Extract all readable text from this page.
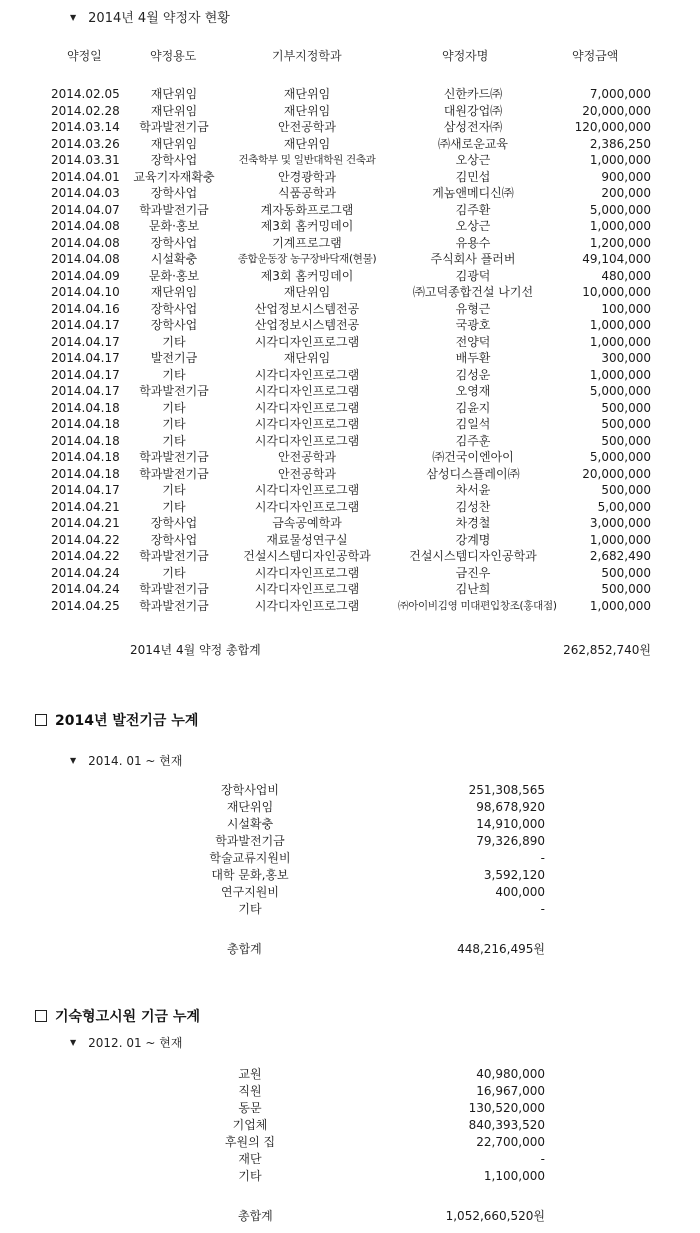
▼ 2014년 4월 약정자 현황
약정일	약정용도	기부지정학과	약정자명	약정금액
2014.02.05	재단위임	재단위임	신한카드㈜	7,000,000
2014.02.28	재단위임	재단위임	대원강업㈜	20,000,000
2014.03.14	학과발전기금	안전공학과	삼성전자㈜	120,000,000
2014.03.26	재단위임	재단위임	㈜새로운교육	2,386,250
2014.03.31	장학사업	건축학부 및 일반대학원 건축과	오상근	1,000,000
2014.04.01	교육기자재확충	안경광학과	김민섭	900,000
2014.04.03	장학사업	식품공학과	게놈앤메디신㈜	200,000
2014.04.07	학과발전기금	계자동화프로그램	김주환	5,000,000
2014.04.08	문화·홍보	제3회 홈커밍데이	오상근	1,000,000
2014.04.08	장학사업	기계프로그램	유용수	1,200,000
2014.04.08	시설확충	종합운동장 농구장바닥재(현물)	주식회사 플러버	49,104,000
2014.04.09	문화·홍보	제3회 홈커밍데이	김광덕	480,000
2014.04.10	재단위임	재단위임	㈜고덕종합건설 나기선	10,000,000
2014.04.16	장학사업	산업정보시스템전공	유형근	100,000
2014.04.17	장학사업	산업정보시스템전공	국광호	1,000,000
2014.04.17	기타	시각디자인프로그램	전양덕	1,000,000
2014.04.17	발전기금	재단위임	배두환	300,000
2014.04.17	기타	시각디자인프로그램	김성운	1,000,000
2014.04.17	학과발전기금	시각디자인프로그램	오영재	5,000,000
2014.04.18	기타	시각디자인프로그램	김윤지	500,000
2014.04.18	기타	시각디자인프로그램	김일석	500,000
2014.04.18	기타	시각디자인프로그램	김주훈	500,000
2014.04.18	학과발전기금	안전공학과	㈜건국이엔아이	5,000,000
2014.04.18	학과발전기금	안전공학과	삼성디스플레이㈜	20,000,000
2014.04.17	기타	시각디자인프로그램	차서윤	500,000
2014.04.21	기타	시각디자인프로그램	김성찬	5,00,000
2014.04.21	장학사업	금속공예학과	차경철	3,000,000
2014.04.22	장학사업	재료물성연구실	강계명	1,000,000
2014.04.22	학과발전기금	건설시스템디자인공학과	건설시스템디자인공학과	2,682,490
2014.04.24	기타	시각디자인프로그램	금진우	500,000
2014.04.24	학과발전기금	시각디자인프로그램	김난희	500,000
2014.04.25	학과발전기금	시각디자인프로그램	㈜아이비김영 미대편입창조(홍대점)	1,000,000
2014년 4월 약정 총합계	262,852,740원
2014년 발전기금 누계
▼ 2014. 01 ~ 현재
장학사업비	251,308,565
재단위임	98,678,920
시설확충	14,910,000
학과발전기금	79,326,890
학술교류지원비	-
대학 문화,홍보	3,592,120
연구지원비	400,000
기타	-
총합계	448,216,495원
기숙형고시원 기금 누계
▼ 2012. 01 ~ 현재
교원	40,980,000
직원	16,967,000
동문	130,520,000
기업체	840,393,520
후원의 집	22,700,000
재단	-
기타	1,100,000
총합계	1,052,660,520원
